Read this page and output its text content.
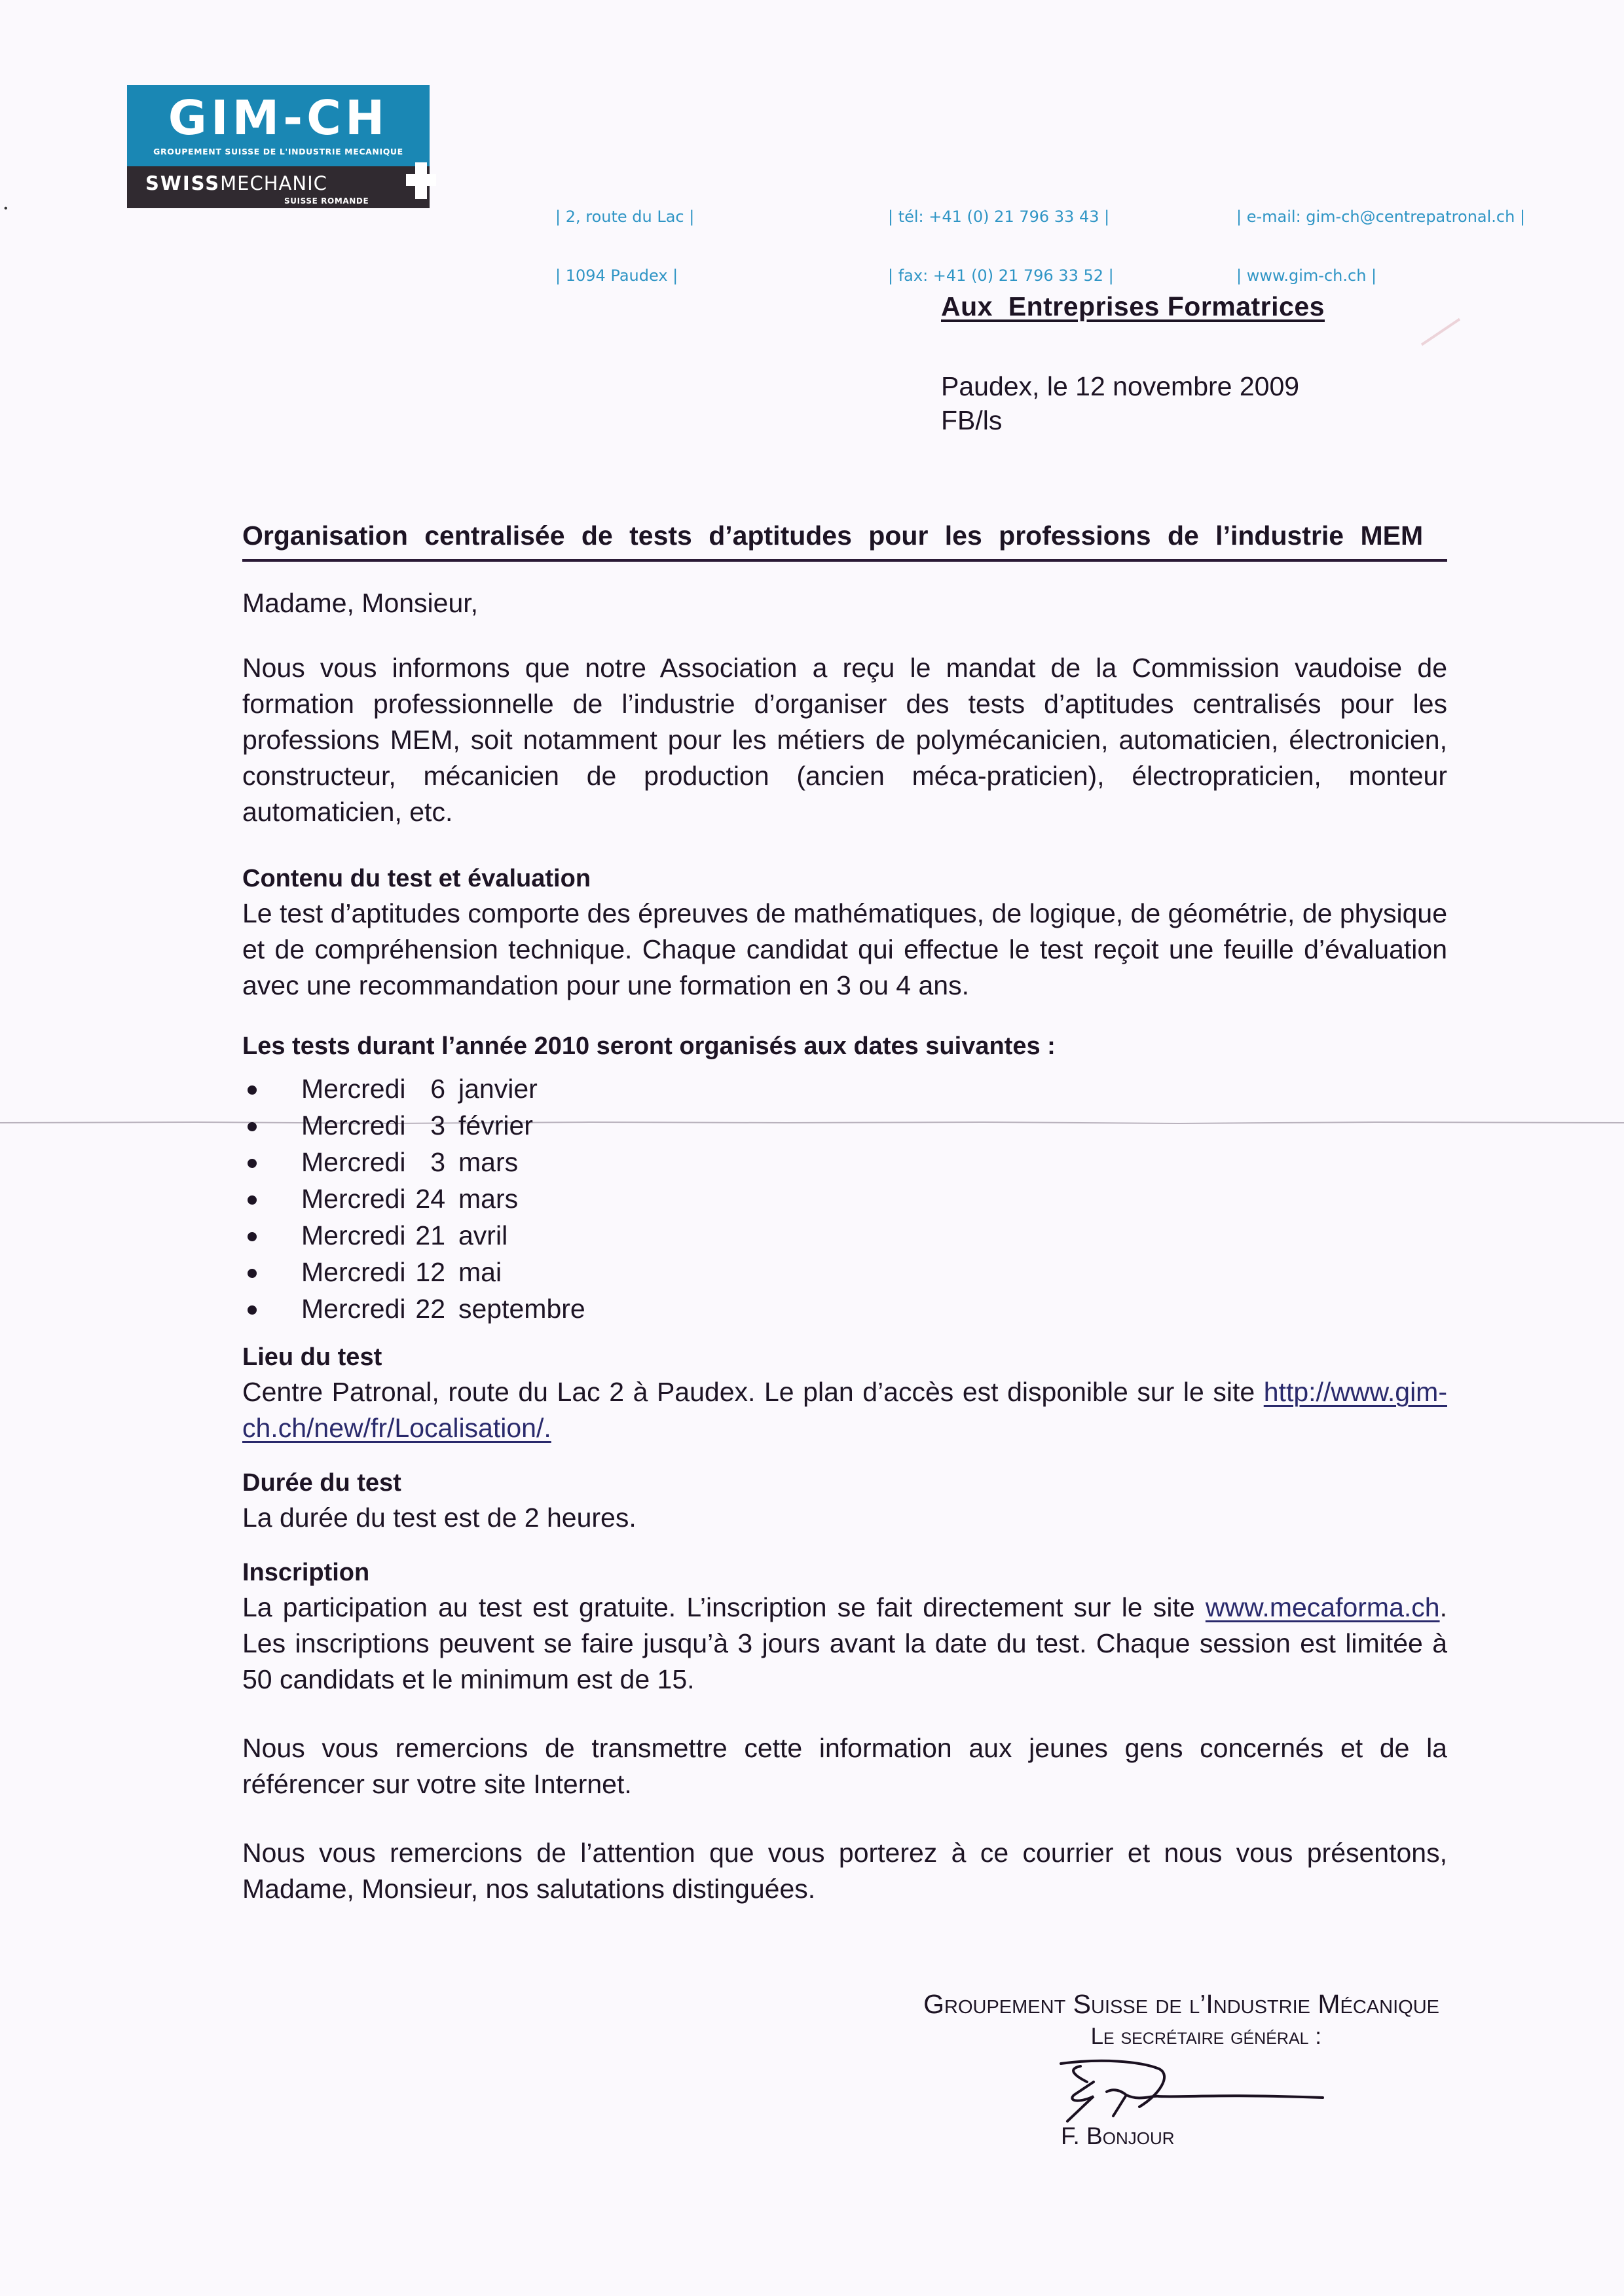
GIM-CH
GROUPEMENT SUISSE DE L'INDUSTRIE MECANIQUE
SWISSMECHANIC
SUISSE ROMANDE

| 2, route du Lac |

| 1094 Paudex |

| tél: +41 (0) 21 796 33 43 |

| fax: +41 (0) 21 796 33 52 |

| e-mail: gim-ch@centrepatronal.ch |

| www.gim-ch.ch |

•
Aux  Entreprises Formatrices
Paudex, le 12 novembre 2009
FB/ls

Organisation centralisée de tests d’aptitudes pour les professions de l’industrie MEM

Madame, Monsieur,

Nous vous informons que notre Association a reçu le mandat de la Commission vaudoise de formation professionnelle de l’industrie d’organiser des tests d’aptitudes centralisés pour les professions MEM, soit notamment pour les métiers de polymécanicien, automaticien, électronicien, constructeur, mécanicien de production (ancien méca-praticien), électropraticien, monteur automaticien, etc.

Contenu du test et évaluation

Le test d’aptitudes comporte des épreuves de mathématiques, de logique, de géométrie, de physique et de compréhension technique. Chaque candidat qui effectue le test reçoit une feuille d’évaluation avec une recommandation pour une formation en 3 ou 4 ans.

Les tests durant l’année 2010 seront organisés aux dates suivantes :

Mercredi 6 janvier
Mercredi 3 février
Mercredi 3 mars
Mercredi 24 mars
Mercredi 21 avril
Mercredi 12 mai
Mercredi 22 septembre

Lieu du test

Centre Patronal, route du Lac 2 à Paudex. Le plan d’accès est disponible sur le site http://www.gim-ch.ch/new/fr/Localisation/.

Durée du test

La durée du test est de 2 heures.

Inscription

La participation au test est gratuite. L’inscription se fait directement sur le site www.mecaforma.ch. Les inscriptions peuvent se faire jusqu’à 3 jours avant la date du test. Chaque session est limitée à 50 candidats et le minimum est de 15.

Nous vous remercions de transmettre cette information aux jeunes gens concernés et de la référencer sur votre site Internet.

Nous vous remercions de l’attention que vous porterez à ce courrier et nous vous présentons, Madame, Monsieur, nos salutations distinguées.

Groupement Suisse de l’Industrie Mécanique
Le secrétaire général :
F. Bonjour
